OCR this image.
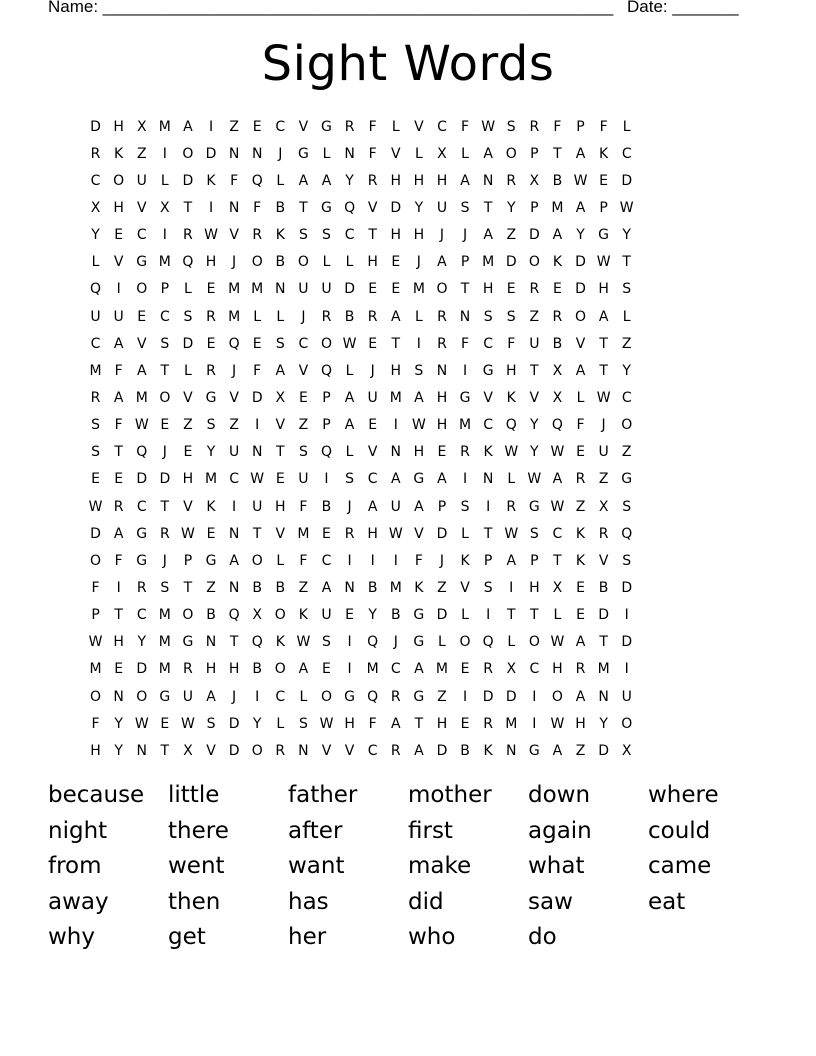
Name: ______________________________________________________ Date: _______
Sight Words
D H X M A	I	Z E C V G R	F	L	V C	F W S R	F	P	F	L
R K Z	I	O D N N	J	G L N F	V	L	X	L	A O P	T	A K C
C O U	L D K	F Q L	A A	Y R H H H A N R X B W E D
X H V X	T	I	N F	B	T G Q V D Y U S	T	Y	P M A	P W
Y	E C	I	R W V R K	S	S C T H H	J	J	A Z D A	Y G Y
L	V G M Q H	J	O B O L	L H E	J	A	P M D O K D W T
Q	I	O P	L	E M M N U U D E	E M O T H E R E D H S
U U E C S R M L	L	J	R B R A	L	R N S	S Z R O A	L
C A V S D E Q E	S C O W E	T	I	R	F	C	F U B V	T	Z
M F	A	T	L	R	J	F	A V Q L	J	H S N	I	G H T	X A	T	Y
R A M O V G V D X E	P	A U M A H G V K V X	L W C
S	F W E Z S Z	I	V Z	P	A E	I	W H M C Q Y Q F	J	O
S	T Q	J	E	Y U N T	S Q L	V N H E R K W Y W E U Z
E	E D D H M C W E U	I	S C A G A	I	N L W A R Z G
W R C T	V K	I	U H F	B	J	A U A	P	S	I	R G W Z X S
D A G R W E N T	V M E R H W V D L	T W S C K R Q
O F G	J	P G A O L	F	C	I	I	I	F	J	K	P	A	P	T	K V S
F	I	R S	T	Z N B B Z A N B M K Z V S	I	H X E B D
P	T C M O B Q X O K U E	Y	B G D L	I	T	T	L	E D	I
W H Y M G N T Q K W S	I	Q	J	G L O Q L O W A	T D
M E D M R H H B O A E	I	M C A M E R X C H R M	I
O N O G U A	J	I	C	L O G Q R G Z	I	D D	I	O A N U
F	Y W E W S D Y	L	S W H F	A	T H E R M	I	W H Y O
H Y N T	X V D O R N V V C R A D B K N G A Z D X
because	little	father	mother	down	where
night	there	after	first	again	could
from	went	want	make	what	came
away	then	has	did	saw	eat
why	get	her	who	do
